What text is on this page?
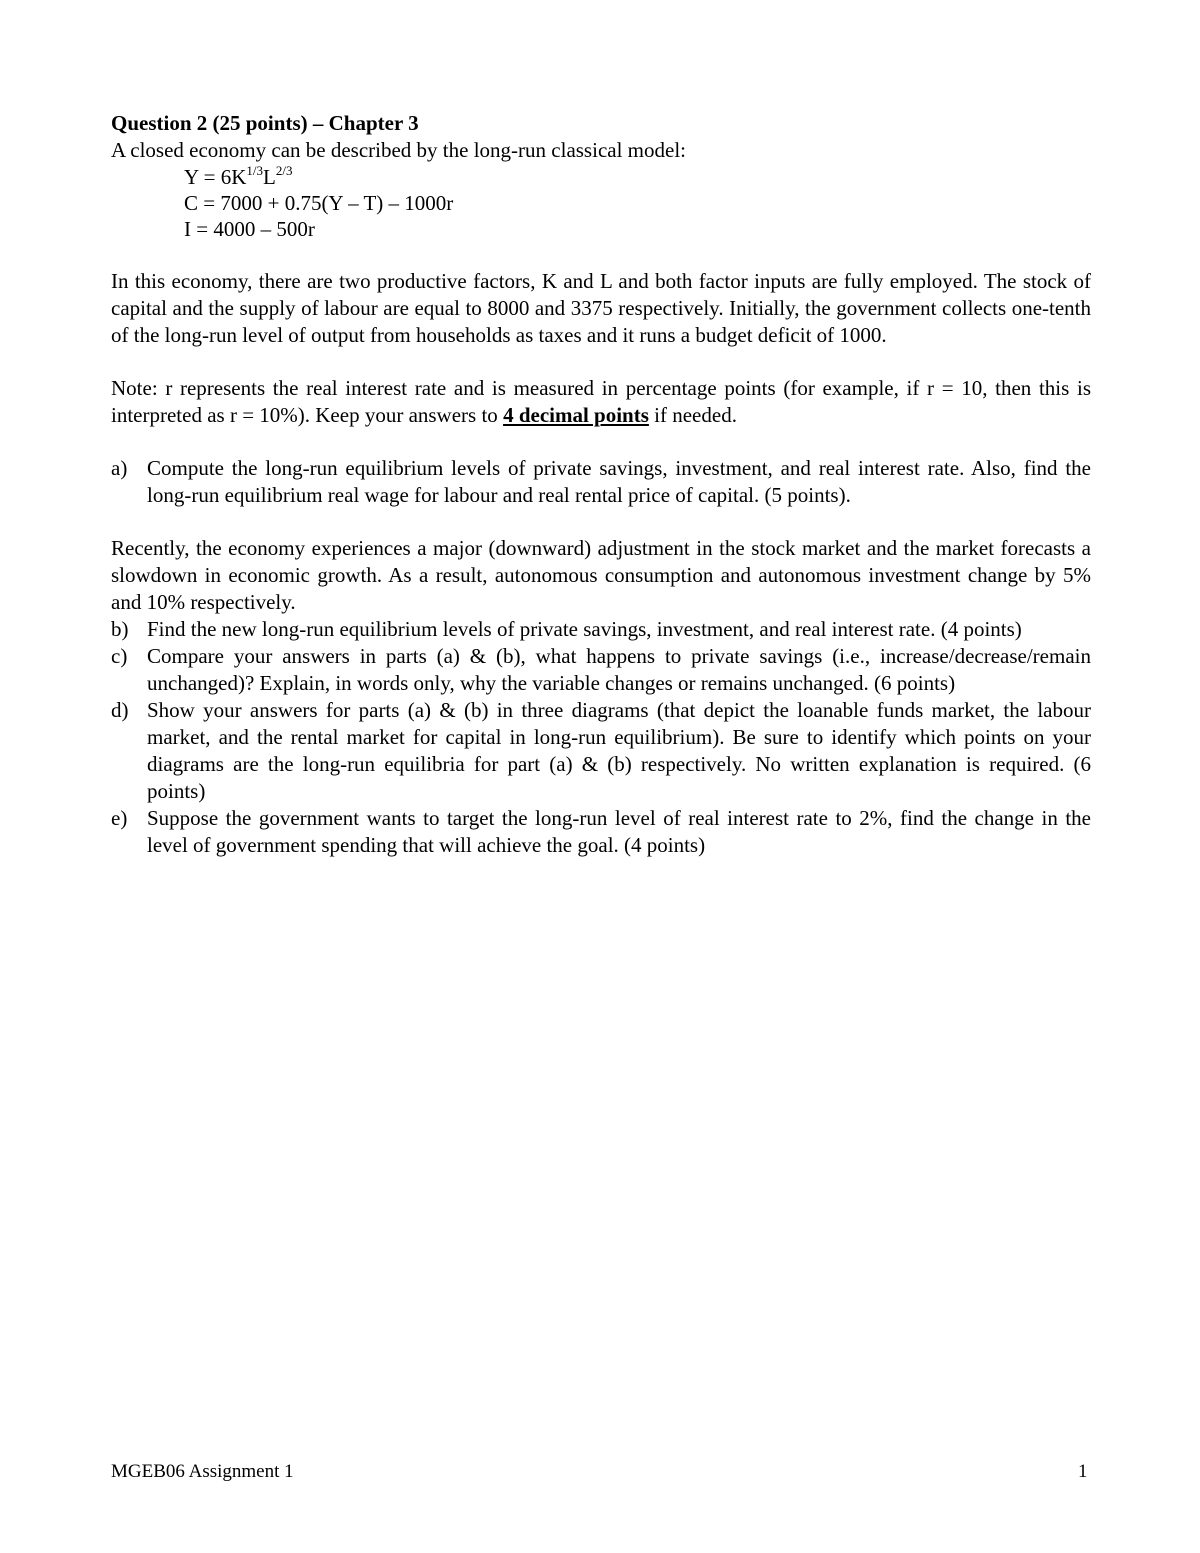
Question 2 (25 points) – Chapter 3
A closed economy can be described by the long-run classical model:
$Y = 6K^{1/3}L^{2/3}$
C = 7000 + 0.75(Y – T) – 1000r
I = 4000 – 500r
In this economy, there are two productive factors, K and L and both factor inputs are fully employed. The stock of capital and the supply of labour are equal to 8000 and 3375 respectively. Initially, the government collects one-tenth of the long-run level of output from households as taxes and it runs a budget deficit of 1000.
Note: r represents the real interest rate and is measured in percentage points (for example, if r = 10, then this is interpreted as r = 10%). Keep your answers to 4 decimal points if needed.
a) Compute the long-run equilibrium levels of private savings, investment, and real interest rate. Also, find the long-run equilibrium real wage for labour and real rental price of capital. (5 points).
Recently, the economy experiences a major (downward) adjustment in the stock market and the market forecasts a slowdown in economic growth. As a result, autonomous consumption and autonomous investment change by 5% and 10% respectively.
b) Find the new long-run equilibrium levels of private savings, investment, and real interest rate. (4 points)
c) Compare your answers in parts (a) & (b), what happens to private savings (i.e., increase/decrease/remain unchanged)? Explain, in words only, why the variable changes or remains unchanged. (6 points)
d) Show your answers for parts (a) & (b) in three diagrams (that depict the loanable funds market, the labour market, and the rental market for capital in long-run equilibrium). Be sure to identify which points on your diagrams are the long-run equilibria for part (a) & (b) respectively. No written explanation is required. (6 points)
e) Suppose the government wants to target the long-run level of real interest rate to 2%, find the change in the level of government spending that will achieve the goal. (4 points)
MGEB06 Assignment 1	1
